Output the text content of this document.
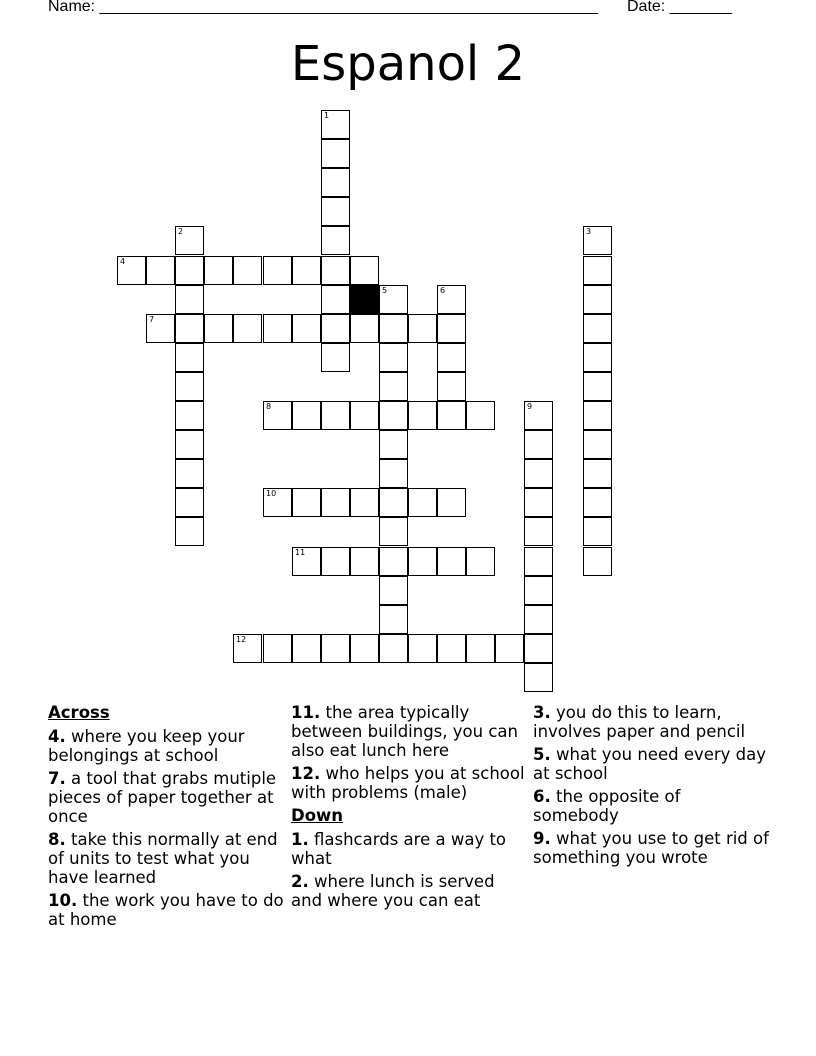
Name: ________________________________________________________ Date: _______
Espanol 2
1
2	3
4
5	6
7
8	9
10
11
12
Across
4. where you keep your belongings at school
7. a tool that grabs mutiple pieces of paper together at once
8. take this normally at end of units to test what you have learned
10. the work you have to do at home
11. the area typically between buildings, you can also eat lunch here
12. who helps you at school with problems (male)
Down
1. flashcards are a way to what
2. where lunch is served and where you can eat
3. you do this to learn, involves paper and pencil
5. what you need every day at school
6. the opposite of somebody
9. what you use to get rid of something you wrote
